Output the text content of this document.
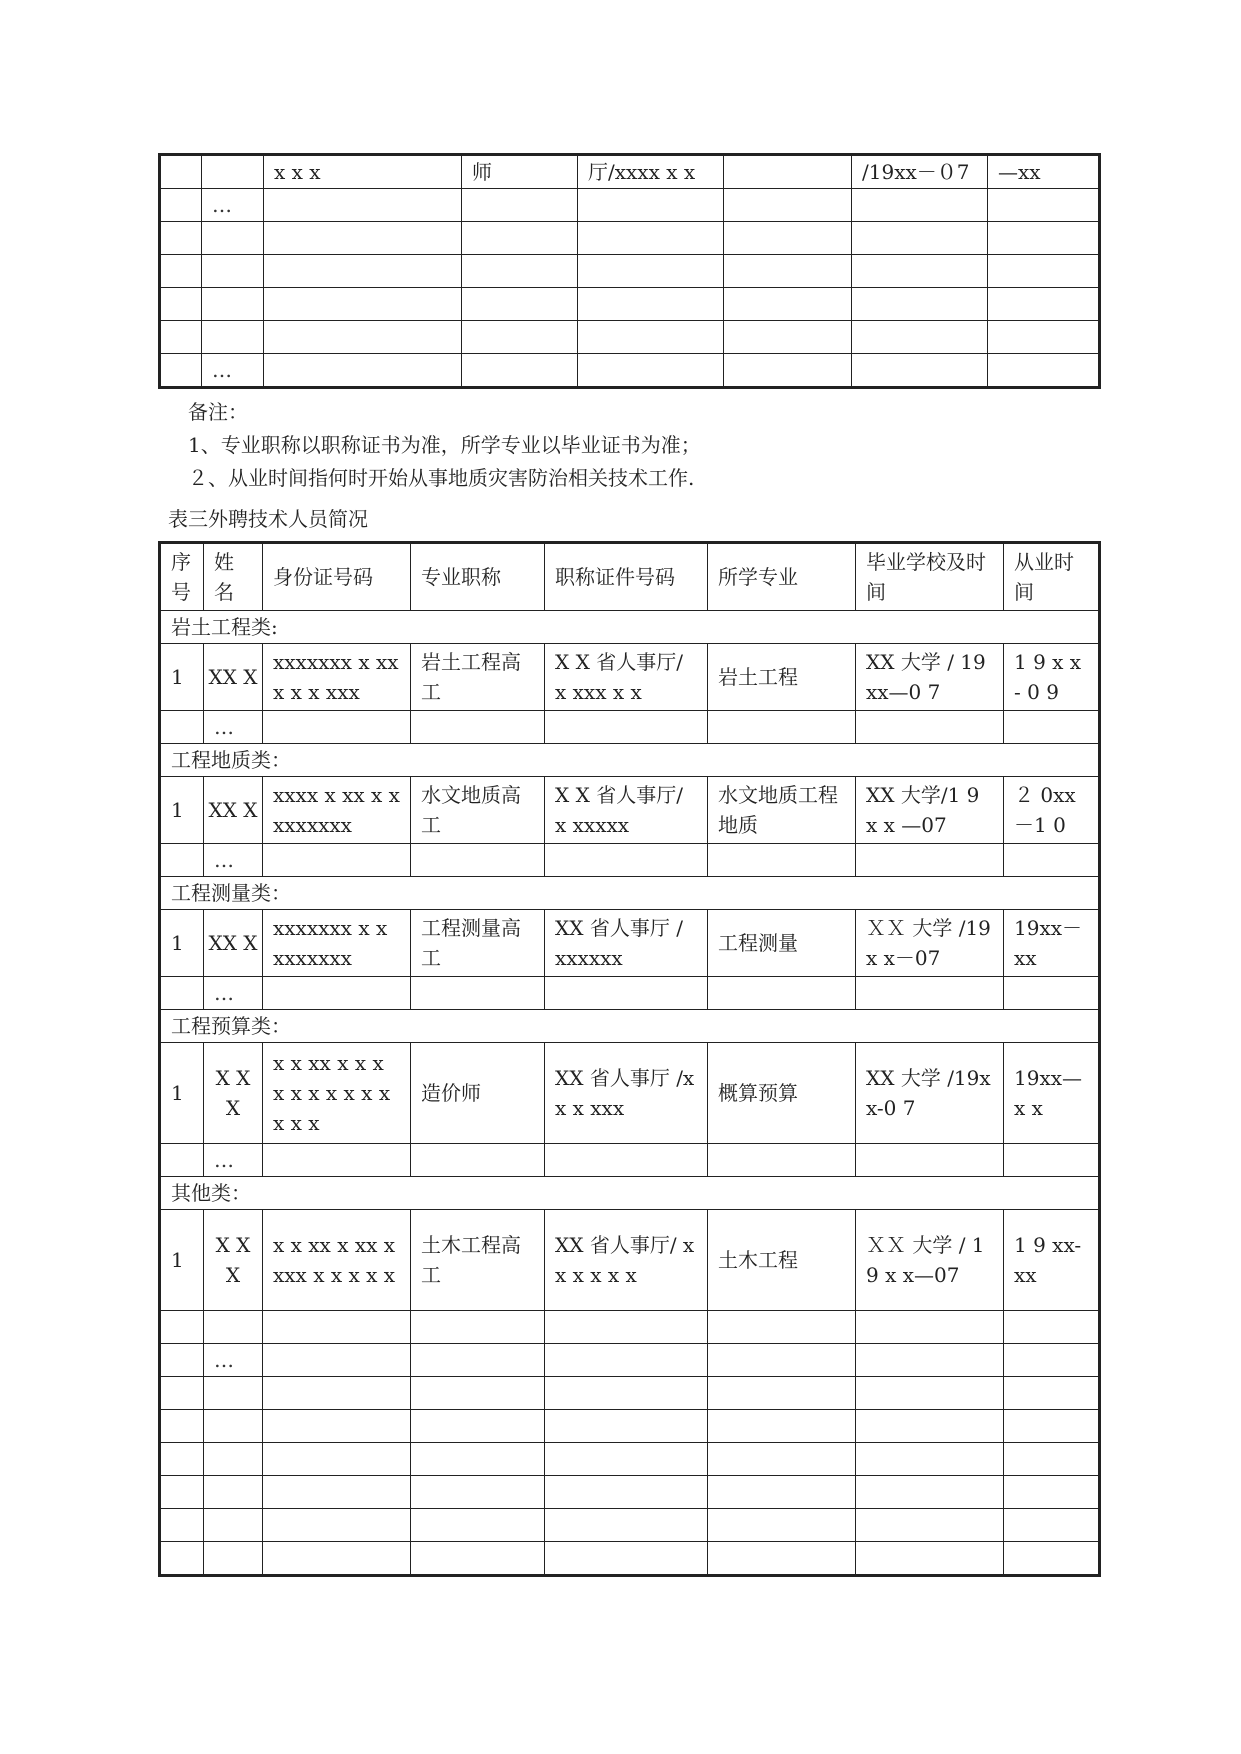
		x x x	师	厅/xxxx x x		/19xx－０7	—xx
	…						

	…						
备注：
1、专业职称以职称证书为准，所学专业以毕业证书为准；
２、从业时间指何时开始从事地质灾害防治相关技术工作.
表三外聘技术人员简况
序号	姓名	身份证号码	专业职称	职称证件号码	所学专业	毕业学校及时间	从业时间
岩土工程类:							
1	XX X	xxxxxxx x xx x x x xxx	岩土工程高工	X X 省人事厅/ x xxx x x	岩土工程	XX 大学 / 19xx—0 7	1 9 x x - 0 9
	…						
工程地质类：							
1	XX X	xxxx x xx x x xxxxxxx	水文地质高工	X X 省人事厅/ x xxxxx	水文地质工程地质	XX 大学/1 9 x x —07	２ 0xx －1 0
	…						
工程测量类：							
1	XX X	xxxxxxx x x xxxxxxx	工程测量高工	XX 省人事厅 / xxxxxx	工程测量	ＸＸ 大学 /19x x－07	19xx－ xx
	…						
工程预算类：							
1	X X X	x x xx x x x x x x x x x x x x x	造价师	XX 省人事厅 /xx x xxx	概算预算	XX 大学 /19xx-0 7	19xx— x x
	…						
其他类：							
1	X X X	x x xx x xx x xxx x x x x x	土木工程高工	XX 省人事厅/ x x x x x x	土木工程	ＸＸ 大学 / 19 x x—07	1 9 xx-xx

	…						
